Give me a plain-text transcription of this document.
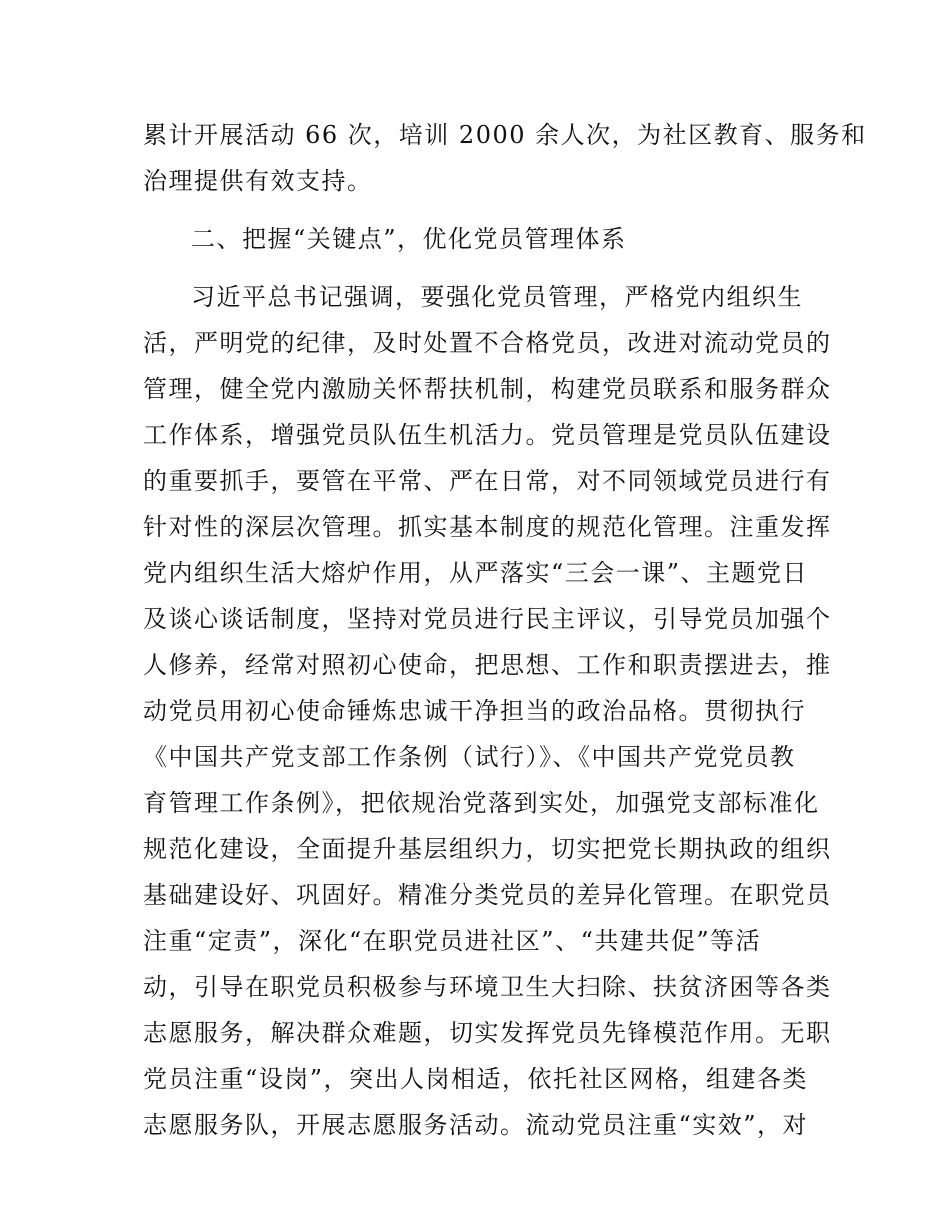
累计开展活动 66 次，培训 2000 余人次，为社区教育、服务和
治理提供有效支持。
二、把握“关键点”，优化党员管理体系
习近平总书记强调，要强化党员管理，严格党内组织生
活，严明党的纪律，及时处置不合格党员，改进对流动党员的
管理，健全党内激励关怀帮扶机制，构建党员联系和服务群众
工作体系，增强党员队伍生机活力。党员管理是党员队伍建设
的重要抓手，要管在平常、严在日常，对不同领域党员进行有
针对性的深层次管理。抓实基本制度的规范化管理。注重发挥
党内组织生活大熔炉作用，从严落实“三会一课”、主题党日
及谈心谈话制度，坚持对党员进行民主评议，引导党员加强个
人修养，经常对照初心使命，把思想、工作和职责摆进去，推
动党员用初心使命锤炼忠诚干净担当的政治品格。贯彻执行
《中国共产党支部工作条例（试行）》、《中国共产党党员教
育管理工作条例》，把依规治党落到实处，加强党支部标准化
规范化建设，全面提升基层组织力，切实把党长期执政的组织
基础建设好、巩固好。精准分类党员的差异化管理。在职党员
注重“定责”，深化“在职党员进社区”、“共建共促”等活
动，引导在职党员积极参与环境卫生大扫除、扶贫济困等各类
志愿服务，解决群众难题，切实发挥党员先锋模范作用。无职
党员注重“设岗”，突出人岗相适，依托社区网格，组建各类
志愿服务队，开展志愿服务活动。流动党员注重“实效”，对
